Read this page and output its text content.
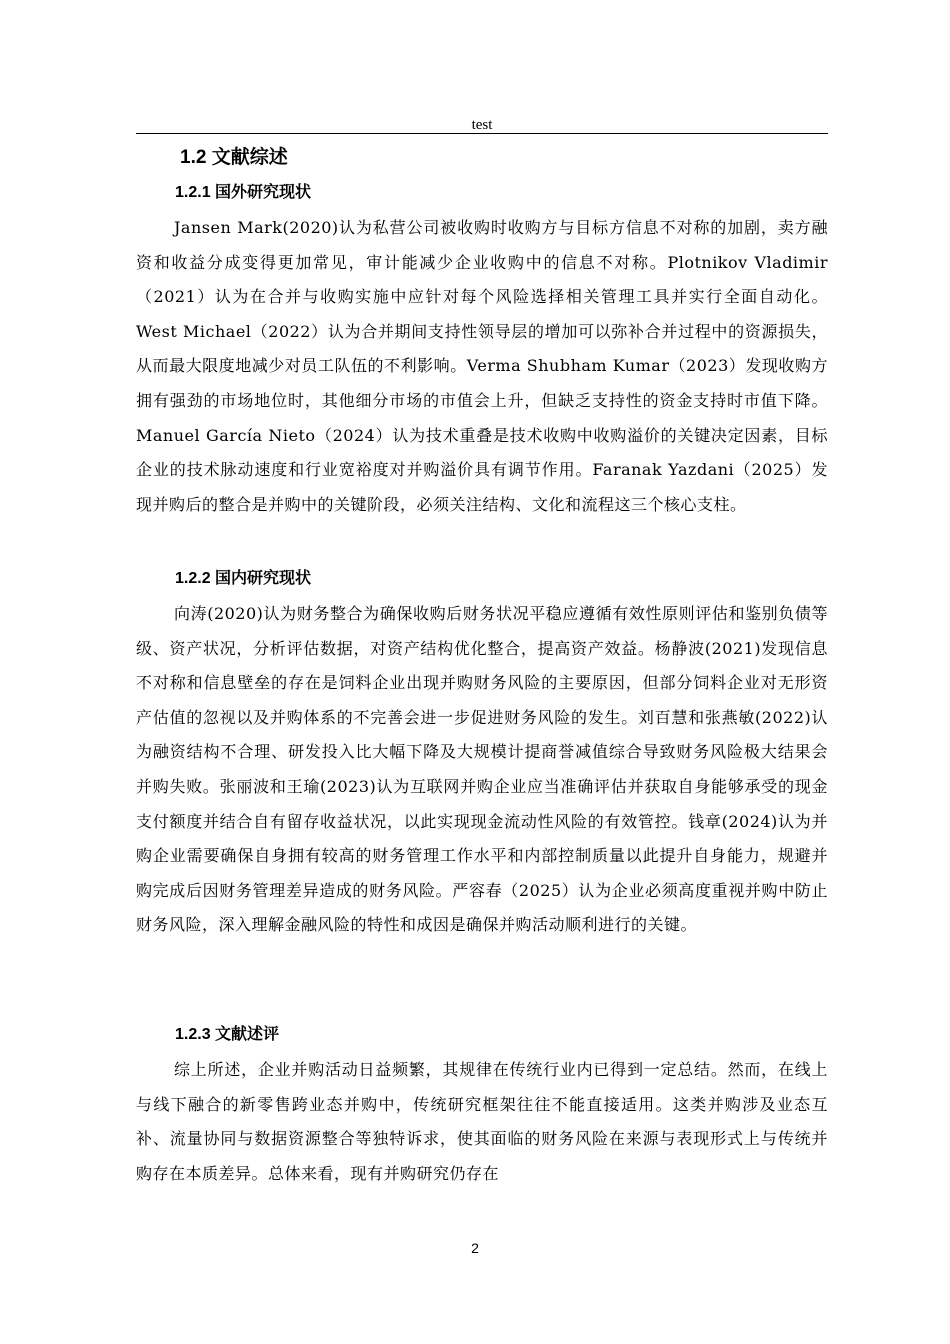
test
1.2 文献综述
1.2.1 国外研究现状
Jansen Mark(2020)认为私营公司被收购时收购方与目标方信息不对称的加剧，卖方融资和收益分成变得更加常见，审计能减少企业收购中的信息不对称。Plotnikov Vladimir（2021）认为在合并与收购实施中应针对每个风险选择相关管理工具并实行全面自动化。West Michael（2022）认为合并期间支持性领导层的增加可以弥补合并过程中的资源损失，从而最大限度地减少对员工队伍的不利影响。Verma Shubham Kumar（2023）发现收购方拥有强劲的市场地位时，其他细分市场的市值会上升，但缺乏支持性的资金支持时市值下降。Manuel García Nieto（2024）认为技术重叠是技术收购中收购溢价的关键决定因素，目标企业的技术脉动速度和行业宽裕度对并购溢价具有调节作用。Faranak Yazdani（2025）发现并购后的整合是并购中的关键阶段，必须关注结构、文化和流程这三个核心支柱。
1.2.2 国内研究现状
向涛(2020)认为财务整合为确保收购后财务状况平稳应遵循有效性原则评估和鉴别负债等级、资产状况，分析评估数据，对资产结构优化整合，提高资产效益。杨静波(2021)发现信息不对称和信息壁垒的存在是饲料企业出现并购财务风险的主要原因，但部分饲料企业对无形资产估值的忽视以及并购体系的不完善会进一步促进财务风险的发生。刘百慧和张燕敏(2022)认为融资结构不合理、研发投入比大幅下降及大规模计提商誉减值综合导致财务风险极大结果会并购失败。张丽波和王瑜(2023)认为互联网并购企业应当准确评估并获取自身能够承受的现金支付额度并结合自有留存收益状况，以此实现现金流动性风险的有效管控。钱章(2024)认为并购企业需要确保自身拥有较高的财务管理工作水平和内部控制质量以此提升自身能力，规避并购完成后因财务管理差异造成的财务风险。严容春（2025）认为企业必须高度重视并购中防止财务风险，深入理解金融风险的特性和成因是确保并购活动顺利进行的关键。
1.2.3 文献述评
综上所述，企业并购活动日益频繁，其规律在传统行业内已得到一定总结。然而，在线上与线下融合的新零售跨业态并购中，传统研究框架往往不能直接适用。这类并购涉及业态互补、流量协同与数据资源整合等独特诉求，使其面临的财务风险在来源与表现形式上与传统并购存在本质差异。总体来看，现有并购研究仍存在
2
